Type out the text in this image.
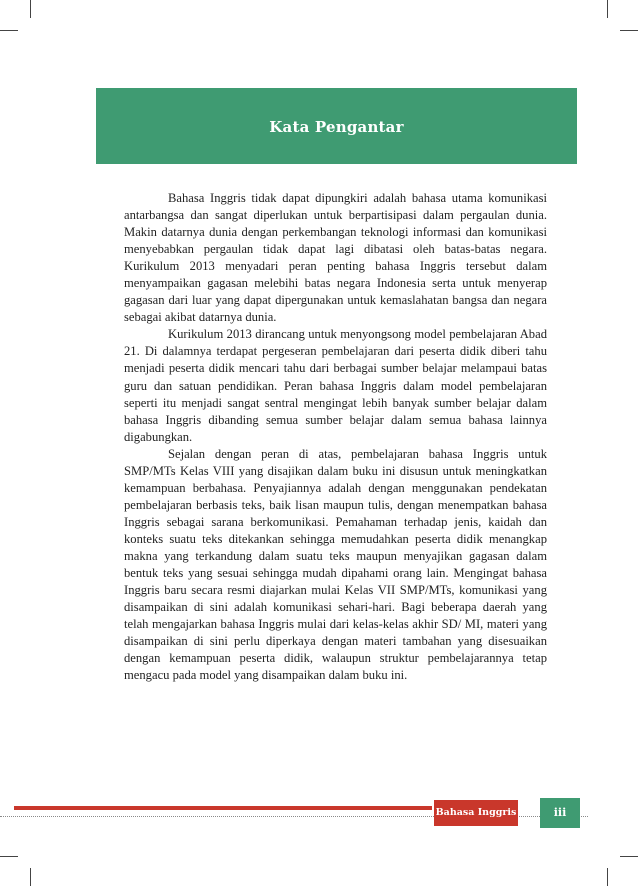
Kata Pengantar

Bahasa Inggris tidak dapat dipungkiri adalah bahasa utama komunikasi antarbangsa dan sangat diperlukan untuk berpartisipasi dalam pergaulan dunia. Makin datarnya dunia dengan perkembangan teknologi informasi dan komunikasi menyebabkan pergaulan tidak dapat lagi dibatasi oleh batas-batas negara. Kurikulum 2013 menyadari peran penting bahasa Inggris tersebut dalam menyampaikan gagasan melebihi batas negara Indonesia serta untuk menyerap gagasan dari luar yang dapat dipergunakan untuk kemaslahatan bangsa dan negara sebagai akibat datarnya dunia.

Kurikulum 2013 dirancang untuk menyongsong model pembelajaran Abad 21. Di dalamnya terdapat pergeseran pembelajaran dari peserta didik diberi tahu menjadi peserta didik mencari tahu dari berbagai sumber belajar melampaui batas guru dan satuan pendidikan. Peran bahasa Inggris dalam model pembelajaran seperti itu menjadi sangat sentral mengingat lebih banyak sumber belajar dalam bahasa Inggris dibanding semua sumber belajar dalam semua bahasa lainnya digabungkan.

Sejalan dengan peran di atas, pembelajaran bahasa Inggris untuk SMP/MTs Kelas VIII yang disajikan dalam buku ini disusun untuk meningkatkan kemampuan berbahasa. Penyajiannya adalah dengan menggunakan pendekatan pembelajaran berbasis teks, baik lisan maupun tulis, dengan menempatkan bahasa Inggris sebagai sarana berkomunikasi. Pemahaman terhadap jenis, kaidah dan konteks suatu teks ditekankan sehingga memudahkan peserta didik menangkap makna yang terkandung dalam suatu teks maupun menyajikan gagasan dalam bentuk teks yang sesuai sehingga mudah dipahami orang lain. Mengingat bahasa Inggris baru secara resmi diajarkan mulai Kelas VII SMP/MTs, komunikasi yang disampaikan di sini adalah komunikasi sehari-hari. Bagi beberapa daerah yang telah mengajarkan bahasa Inggris mulai dari kelas-kelas akhir SD/ MI, materi yang disampaikan di sini perlu diperkaya dengan materi tambahan yang disesuaikan dengan kemampuan peserta didik, walaupun struktur pembelajarannya tetap mengacu pada model yang disampaikan dalam buku ini.

Bahasa Inggris	iii
